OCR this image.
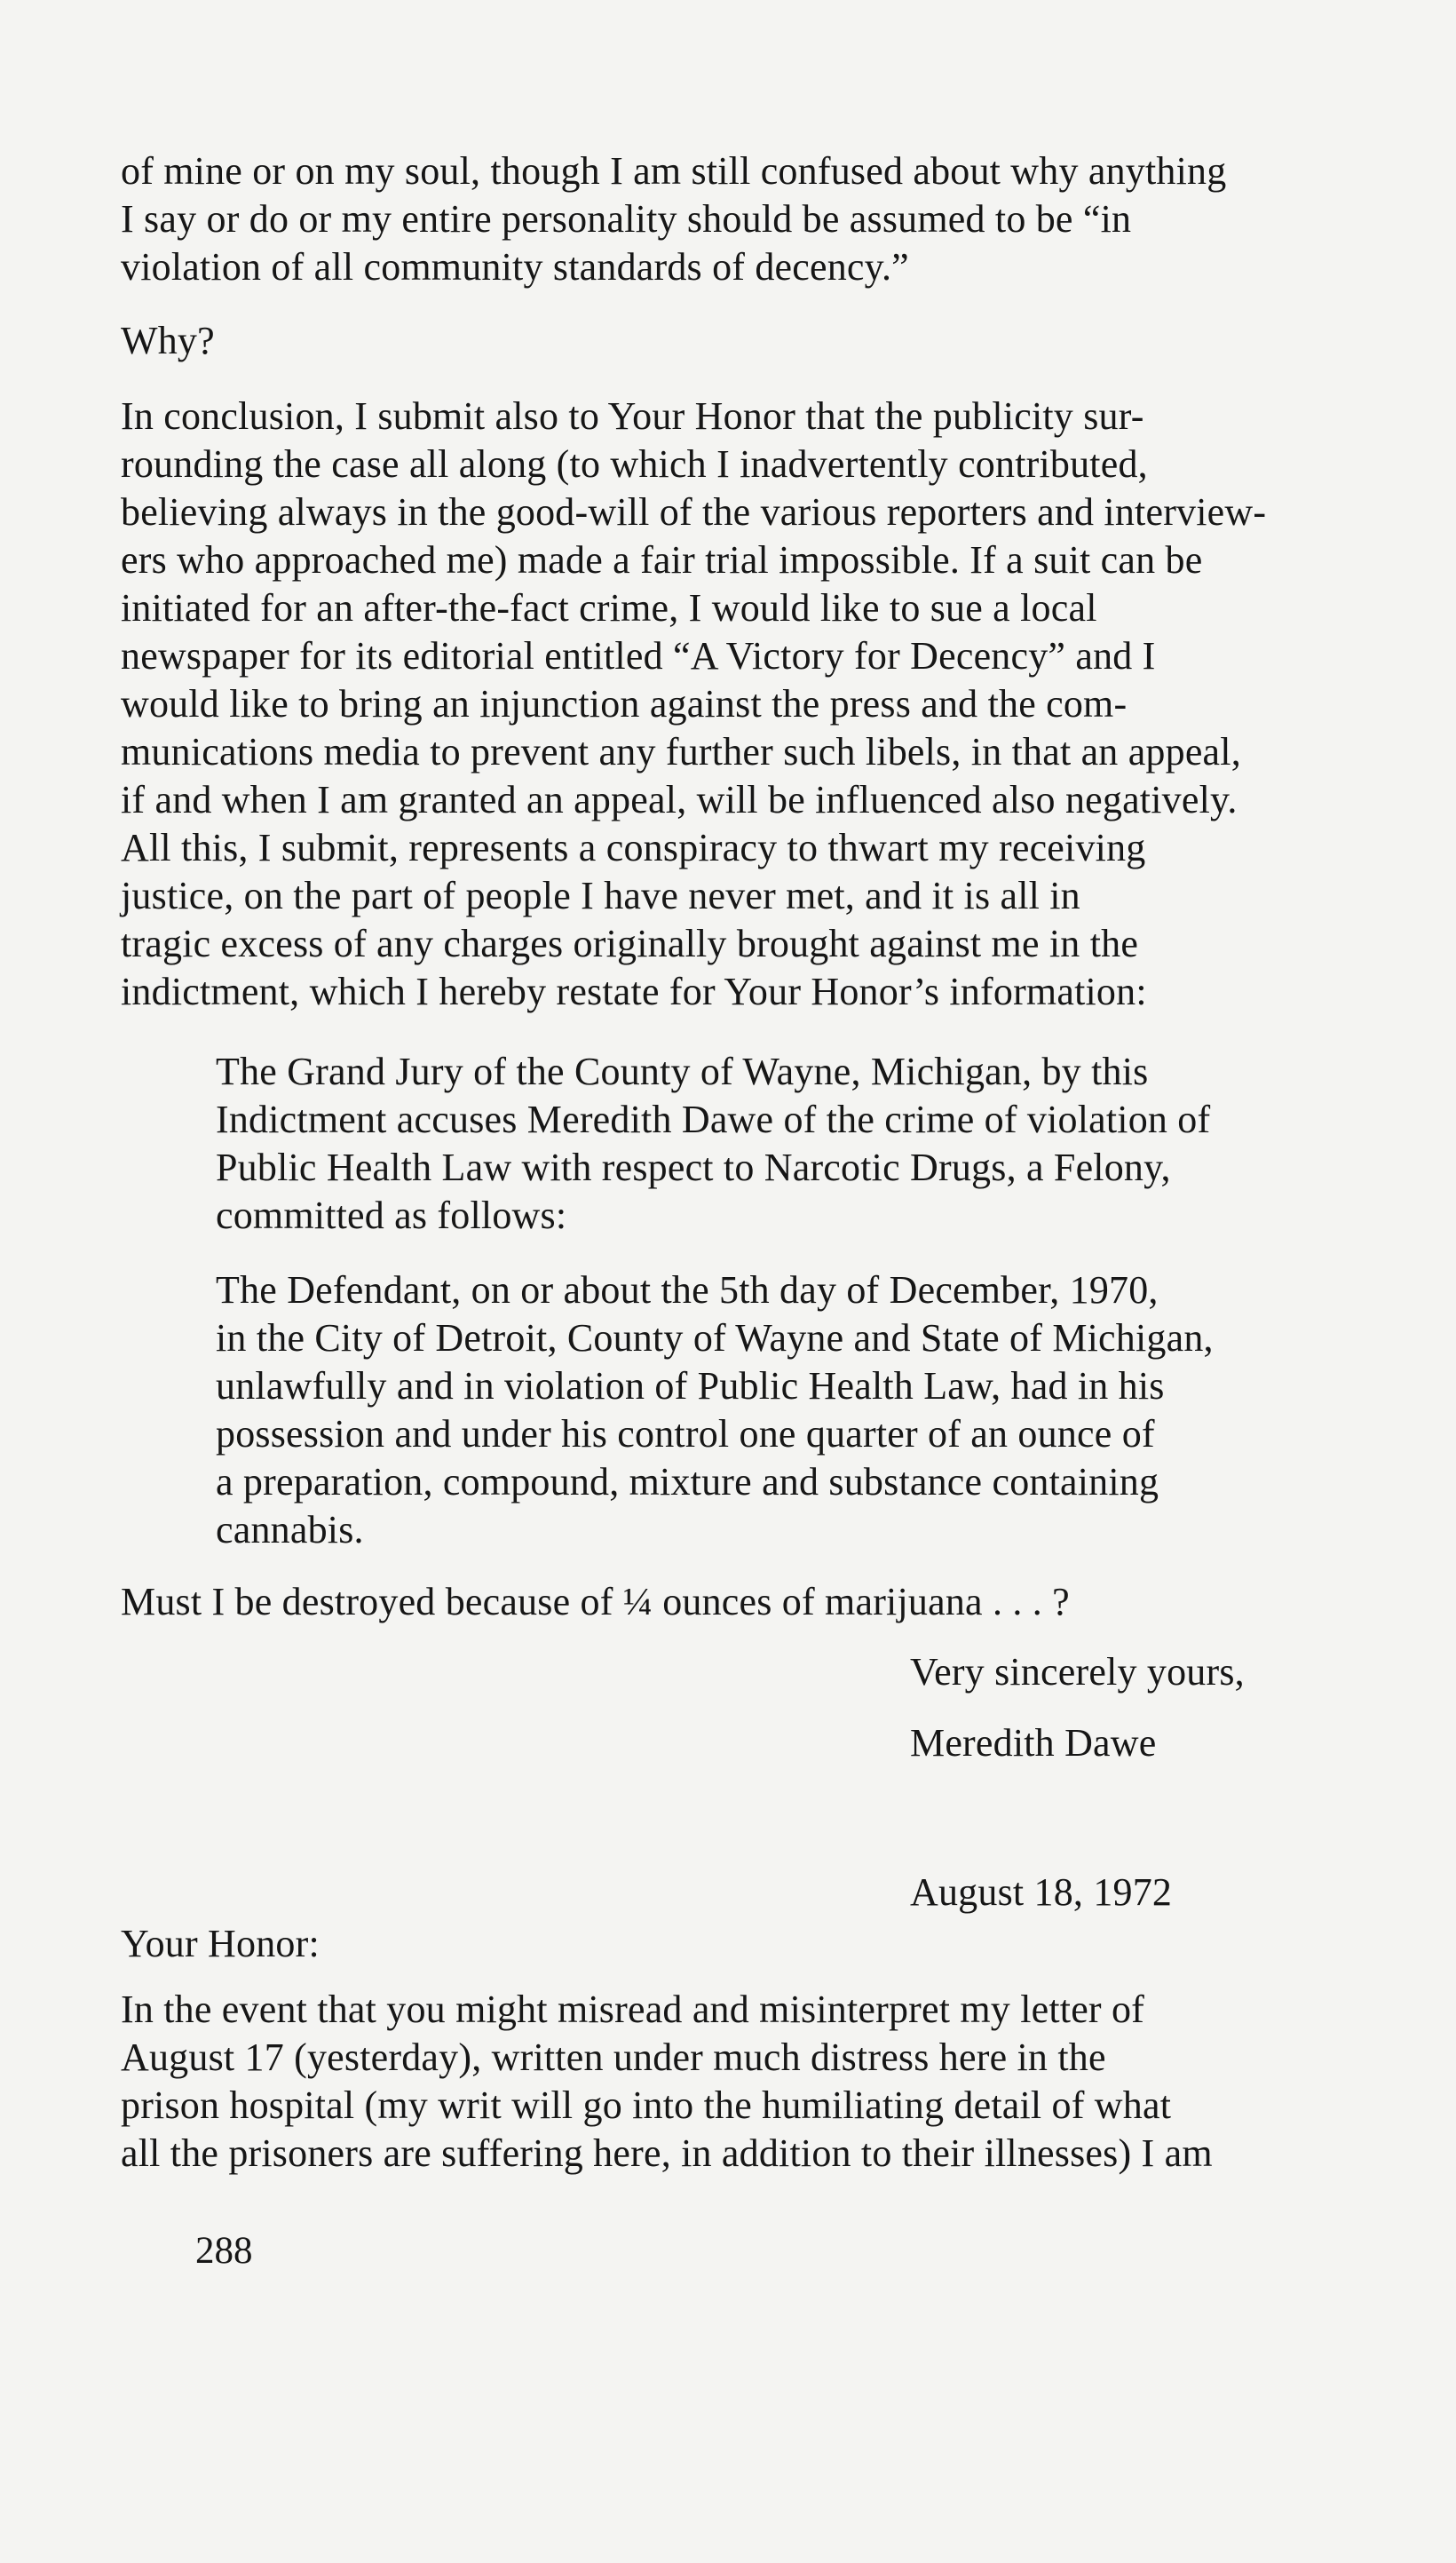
of mine or on my soul, though I am still confused about why anything
I say or do or my entire personality should be assumed to be “in
violation of all community standards of decency.”
Why?
In conclusion, I submit also to Your Honor that the publicity sur-
rounding the case all along (to which I inadvertently contributed,
believing always in the good-will of the various reporters and interview-
ers who approached me) made a fair trial impossible. If a suit can be
initiated for an after-the-fact crime, I would like to sue a local
newspaper for its editorial entitled “A Victory for Decency” and I
would like to bring an injunction against the press and the com-
munications media to prevent any further such libels, in that an appeal,
if and when I am granted an appeal, will be influenced also negatively.
All this, I submit, represents a conspiracy to thwart my receiving
justice, on the part of people I have never met, and it is all in
tragic excess of any charges originally brought against me in the
indictment, which I hereby restate for Your Honor’s information:
The Grand Jury of the County of Wayne, Michigan, by this
Indictment accuses Meredith Dawe of the crime of violation of
Public Health Law with respect to Narcotic Drugs, a Felony,
committed as follows:
The Defendant, on or about the 5th day of December, 1970,
in the City of Detroit, County of Wayne and State of Michigan,
unlawfully and in violation of Public Health Law, had in his
possession and under his control one quarter of an ounce of
a preparation, compound, mixture and substance containing
cannabis.
Must I be destroyed because of ¼ ounces of marijuana . . . ?
Very sincerely yours,
Meredith Dawe
August 18, 1972
Your Honor:
In the event that you might misread and misinterpret my letter of
August 17 (yesterday), written under much distress here in the
prison hospital (my writ will go into the humiliating detail of what
all the prisoners are suffering here, in addition to their illnesses) I am
288
